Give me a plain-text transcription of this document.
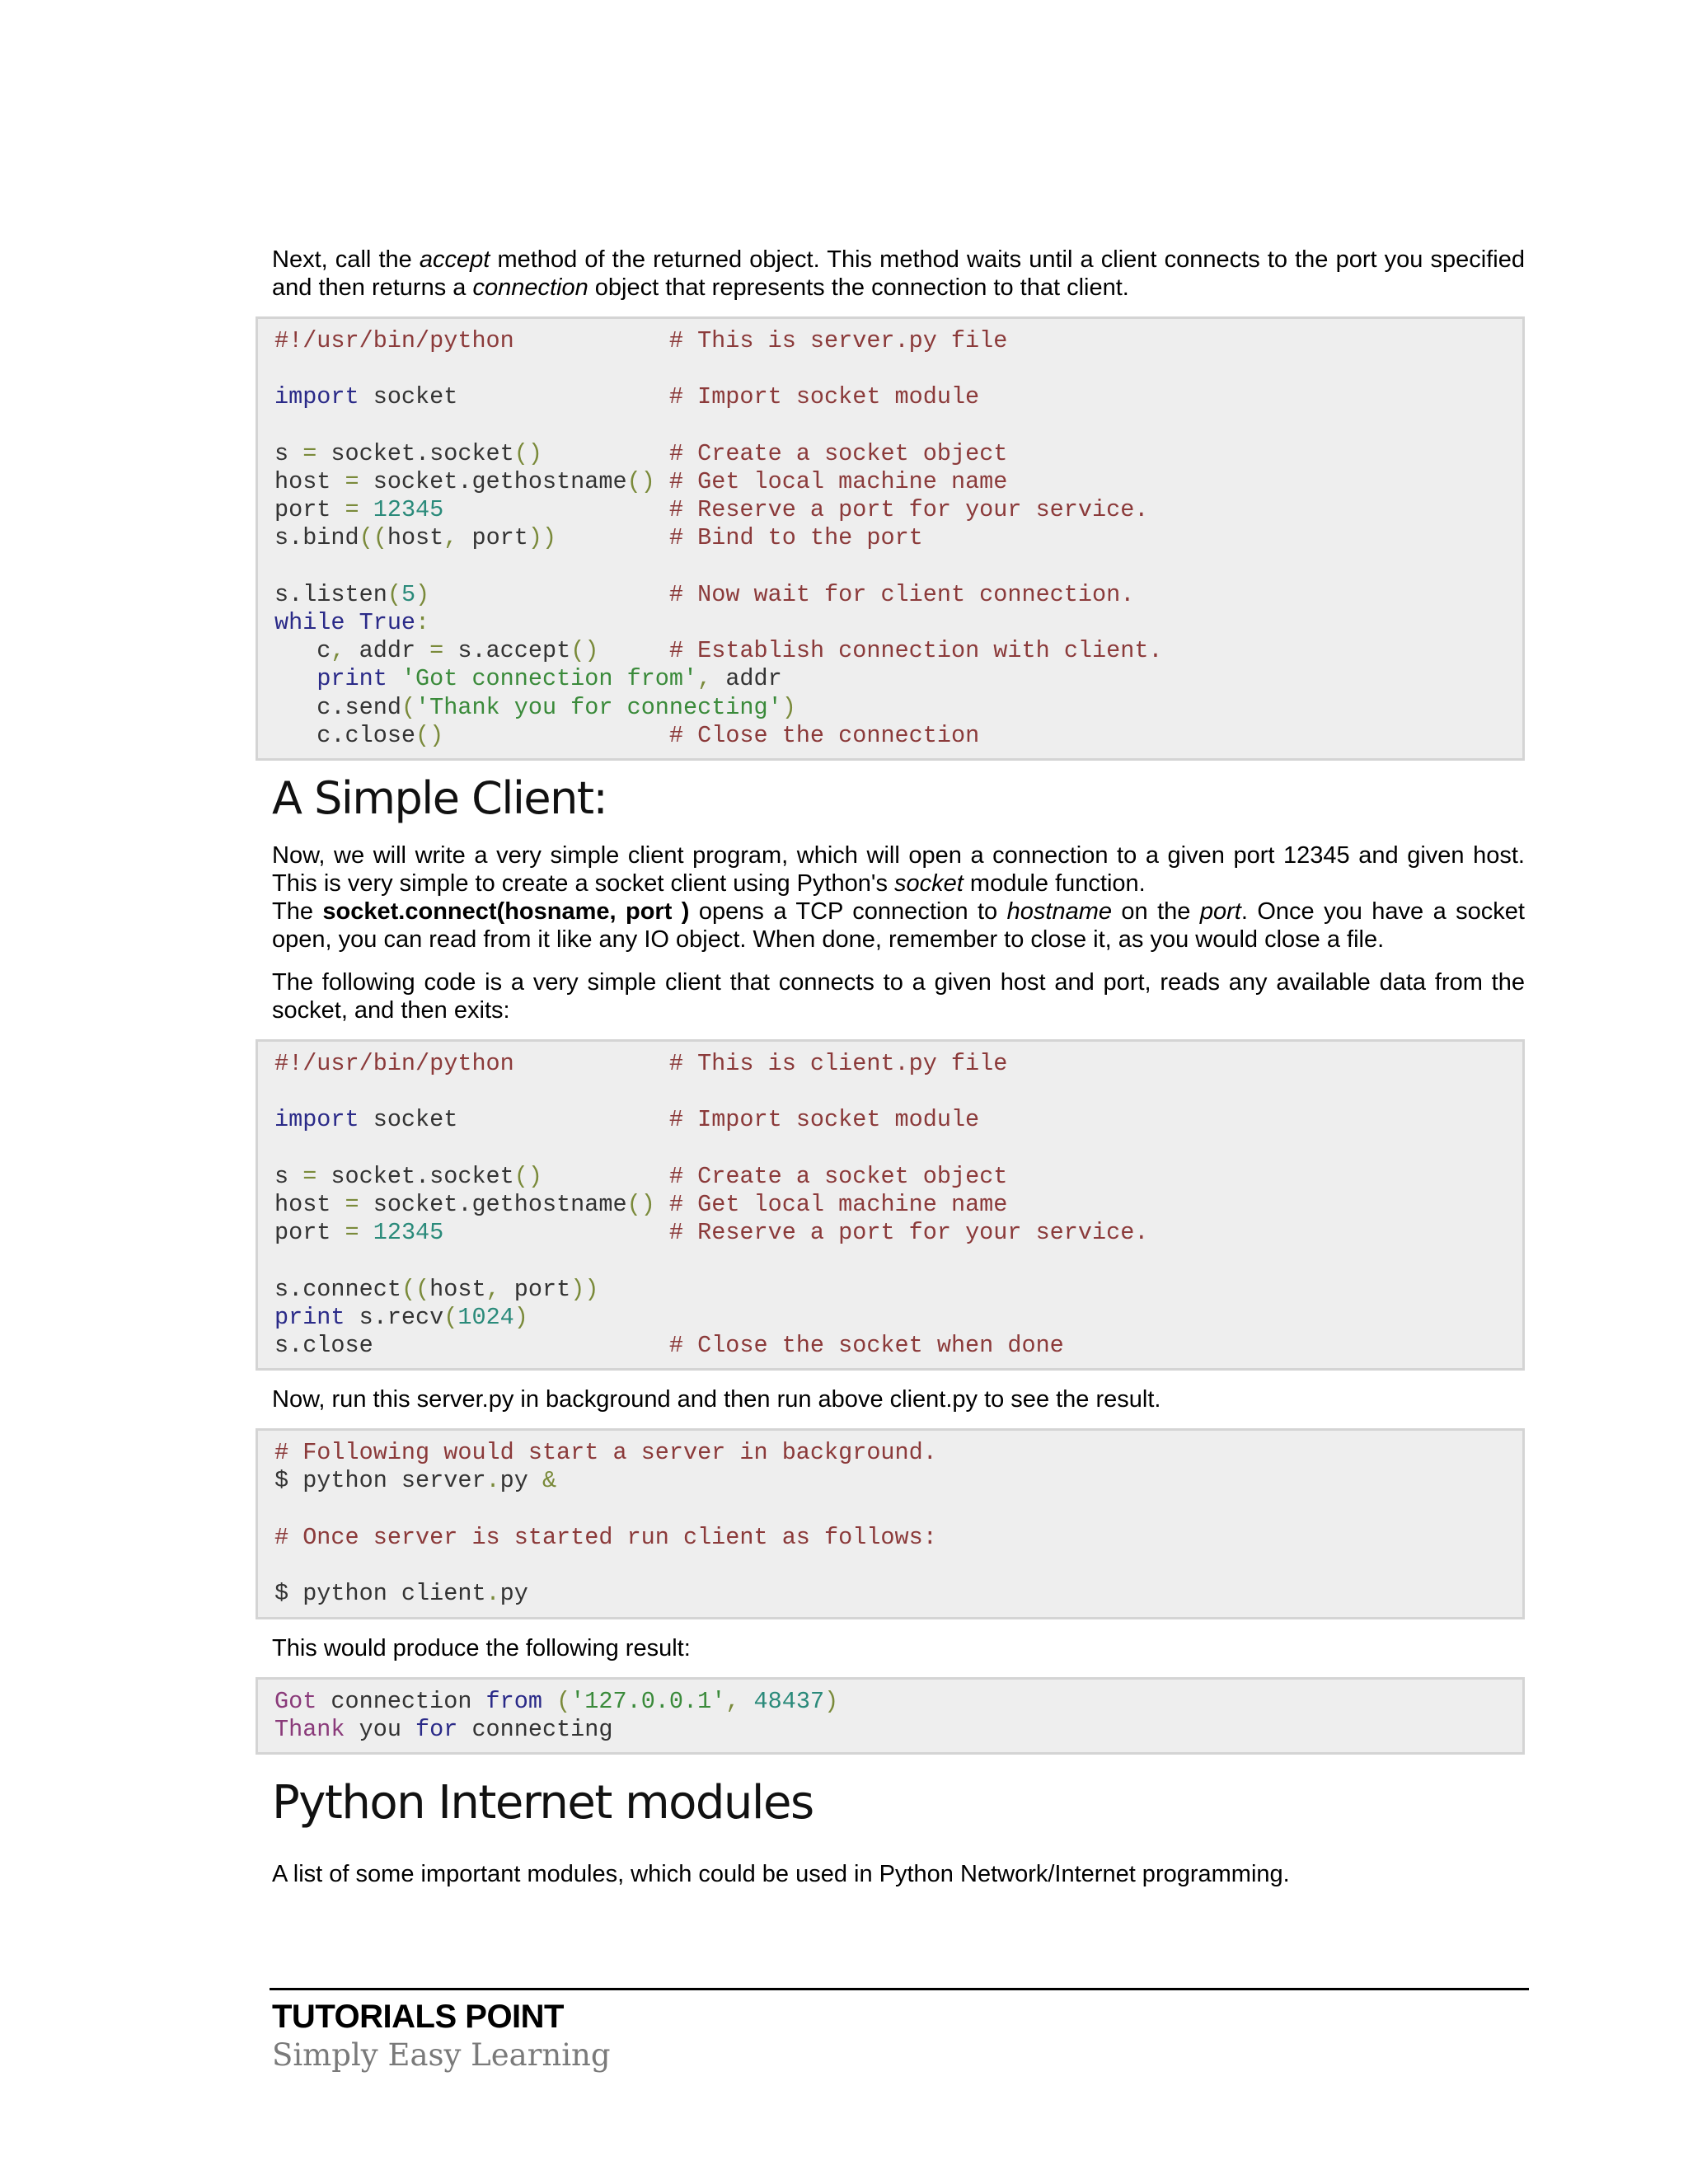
Next, call the accept method of the returned object. This method waits until a client connects to the port you specified and then returns a connection object that represents the connection to that client.

#!/usr/bin/python           # This is server.py file

import socket               # Import socket module

s = socket.socket()	# Create a socket object
host = socket.gethostname() # Get local machine name
port = 12345	# Reserve a port for your service.
s.bind((host, port))	# Bind to the port

s.listen(5)	# Now wait for client connection.
while True:
c, addr = s.accept()	# Establish connection with client.
print 'Got connection from', addr
c.send('Thank you for connecting')
c.close()	# Close the connection
A Simple Client:

Now, we will write a very simple client program, which will open a connection to a given port 12345 and given host. This is very simple to create a socket client using Python's socket module function.
The socket.connect(hosname, port ) opens a TCP connection to hostname on the port. Once you have a socket open, you can read from it like any IO object. When done, remember to close it, as you would close a file.

The following code is a very simple client that connects to a given host and port, reads any available data from the socket, and then exits:

#!/usr/bin/python           # This is client.py file

import socket               # Import socket module

s = socket.socket()	# Create a socket object
host = socket.gethostname() # Get local machine name
port = 12345	# Reserve a port for your service.

s.connect((host, port))
print s.recv(1024)
s.close                     # Close the socket when done

Now, run this server.py in background and then run above client.py to see the result.

# Following would start a server in background.
$ python server.py &

# Once server is started run client as follows:

$ python client.py

This would produce the following result:

Got connection from ('127.0.0.1', 48437)
Thank you for connecting
Python Internet modules

A list of some important modules, which could be used in Python Network/Internet programming.

TUTORIALS POINT
Simply Easy Learning
